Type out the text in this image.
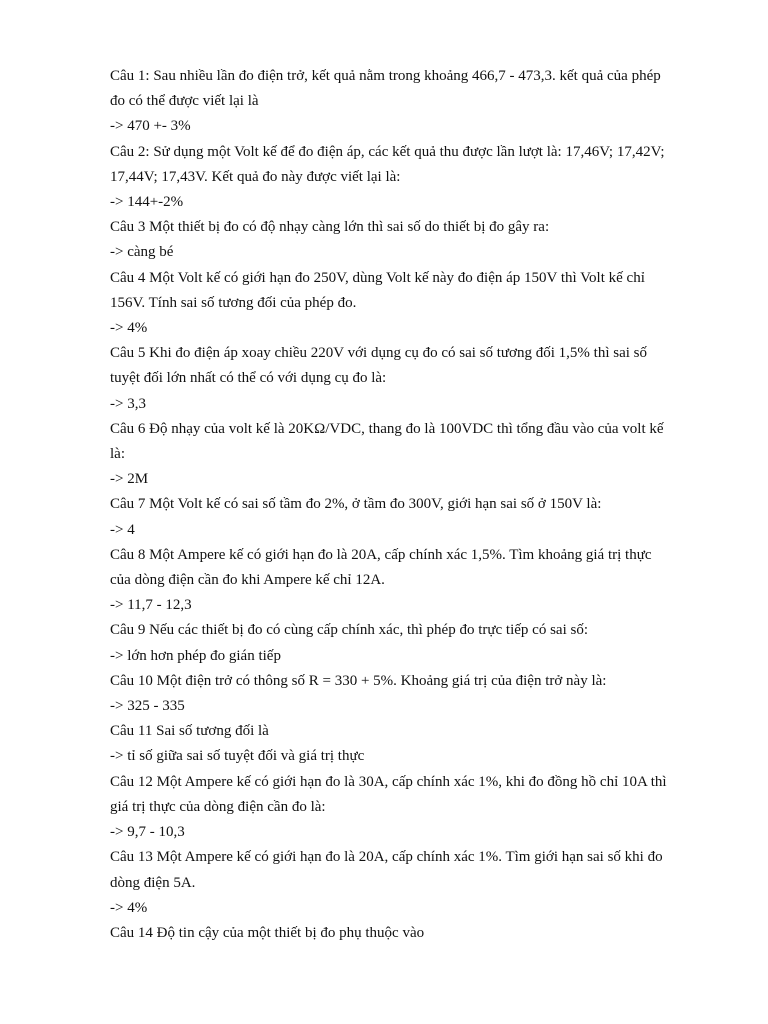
Câu 1: Sau nhiều lần đo điện trở, kết quả nằm trong khoảng 466,7 - 473,3. kết quả của phép

đo có thể được viết lại là

-> 470 +- 3%

Câu 2: Sử dụng một Volt kế để đo điện áp, các kết quả thu được lần lượt là: 17,46V; 17,42V;

17,44V; 17,43V. Kết quả đo này được viết lại là:

-> 144+-2%

Câu 3 Một thiết bị đo có độ nhạy càng lớn thì sai số do thiết bị đo gây ra:

-> càng bé

Câu 4 Một Volt kế có giới hạn đo 250V, dùng Volt kế này đo điện áp 150V thì Volt kế chỉ

156V. Tính sai số tương đối của phép đo.

-> 4%

Câu 5 Khi đo điện áp xoay chiều 220V với dụng cụ đo có sai số tương đối 1,5% thì sai số

tuyệt đối lớn nhất có thể có với dụng cụ đo là:

-> 3,3

Câu 6 Độ nhạy của volt kế là 20KΩ/VDC, thang đo là 100VDC thì tổng đầu vào của volt kế

là:

-> 2M

Câu 7 Một Volt kế có sai số tầm đo 2%, ở tầm đo 300V, giới hạn sai số ở 150V là:

-> 4

Câu 8 Một Ampere kế có giới hạn đo là 20A, cấp chính xác 1,5%. Tìm khoảng giá trị thực

của dòng điện cần đo khi Ampere kế chỉ 12A.

-> 11,7 - 12,3

Câu 9 Nếu các thiết bị đo có cùng cấp chính xác, thì phép đo trực tiếp có sai số:

-> lớn hơn phép đo gián tiếp

Câu 10 Một điện trở có thông số R = 330 + 5%. Khoảng giá trị của điện trở này là:

-> 325 - 335

Câu 11 Sai số tương đối là

-> tỉ số giữa sai số tuyệt đối và giá trị thực

Câu 12 Một Ampere kế có giới hạn đo là 30A, cấp chính xác 1%, khi đo đồng hồ chỉ 10A thì

giá trị thực của dòng điện cần đo là:

-> 9,7 - 10,3

Câu 13 Một Ampere kế có giới hạn đo là 20A, cấp chính xác 1%. Tìm giới hạn sai số khi đo

dòng điện 5A.

-> 4%

Câu 14 Độ tin cậy của một thiết bị đo phụ thuộc vào
